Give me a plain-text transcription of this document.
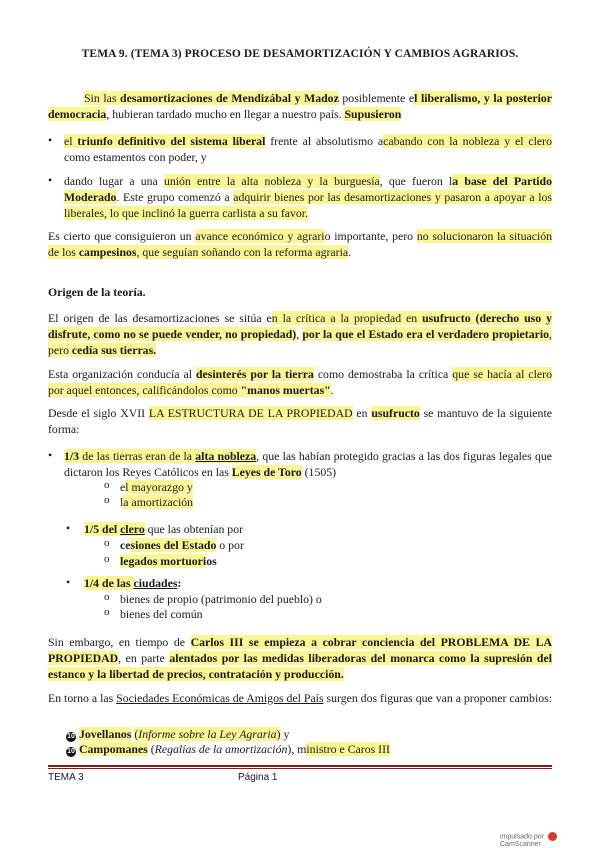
TEMA 9. (TEMA 3) PROCESO DE DESAMORTIZACIÓN Y CAMBIOS AGRARIOS.
Sin las desamortizaciones de Mendizábal y Madoz posiblemente el liberalismo, y la posterior democracia, hubieran tardado mucho en llegar a nuestro país. Supusieron
• el triunfo definitivo del sistema liberal frente al absolutismo acabando con la nobleza y el clero como estamentos con poder, y
• dando lugar a una unión entre la alta nobleza y la burguesía, que fueron la base del Partido Moderado. Este grupo comenzó a adquirir bienes por las desamortizaciones y pasaron a apoyar a los liberales, lo que inclinó la guerra carlista a su favor.
Es cierto que consiguieron un avance económico y agrario importante, pero no solucionaron la situación de los campesinos, que seguían soñando con la reforma agraria.
Origen de la teoría.
El origen de las desamortizaciones se sitúa en la crítica a la propiedad en usufructo (derecho uso y disfrute, como no se puede vender, no propiedad), por la que el Estado era el verdadero propietario, pero cedía sus tierras.
Esta organización conducía al desinterés por la tierra como demostraba la crítica que se hacía al clero por aquel entonces, calificándolos como "manos muertas".
Desde el siglo XVII LA ESTRUCTURA DE LA PROPIEDAD en usufructo se mantuvo de la siguiente forma:
• 1/3 de las tierras eran de la alta nobleza, que las habían protegido gracias a las dos figuras legales que dictaron los Reyes Católicos en las Leyes de Toro (1505)
o el mayorazgo y
o la amortización
• 1/5 del clero que las obtenían por
o cesiones del Estado o por
o legados mortuorios
• 1/4 de las ciudades:
o bienes de propio (patrimonio del pueblo) o
o bienes del común
Sin embargo, en tiempo de Carlos III se empieza a cobrar conciencia del PROBLEMA DE LA PROPIEDAD, en parte alentados por las medidas liberadoras del monarca como la supresión del estanco y la libertad de precios, contratación y producción.
En torno a las Sociedades Económicas de Amigos del País surgen dos figuras que van a proponer cambios:
10 Jovellanos (Informe sobre la Ley Agraria) y
10 Campomanes (Regalías de la amortización), ministro e Caros III
TEMA 3	Página 1
impulsado por  CamScanner
